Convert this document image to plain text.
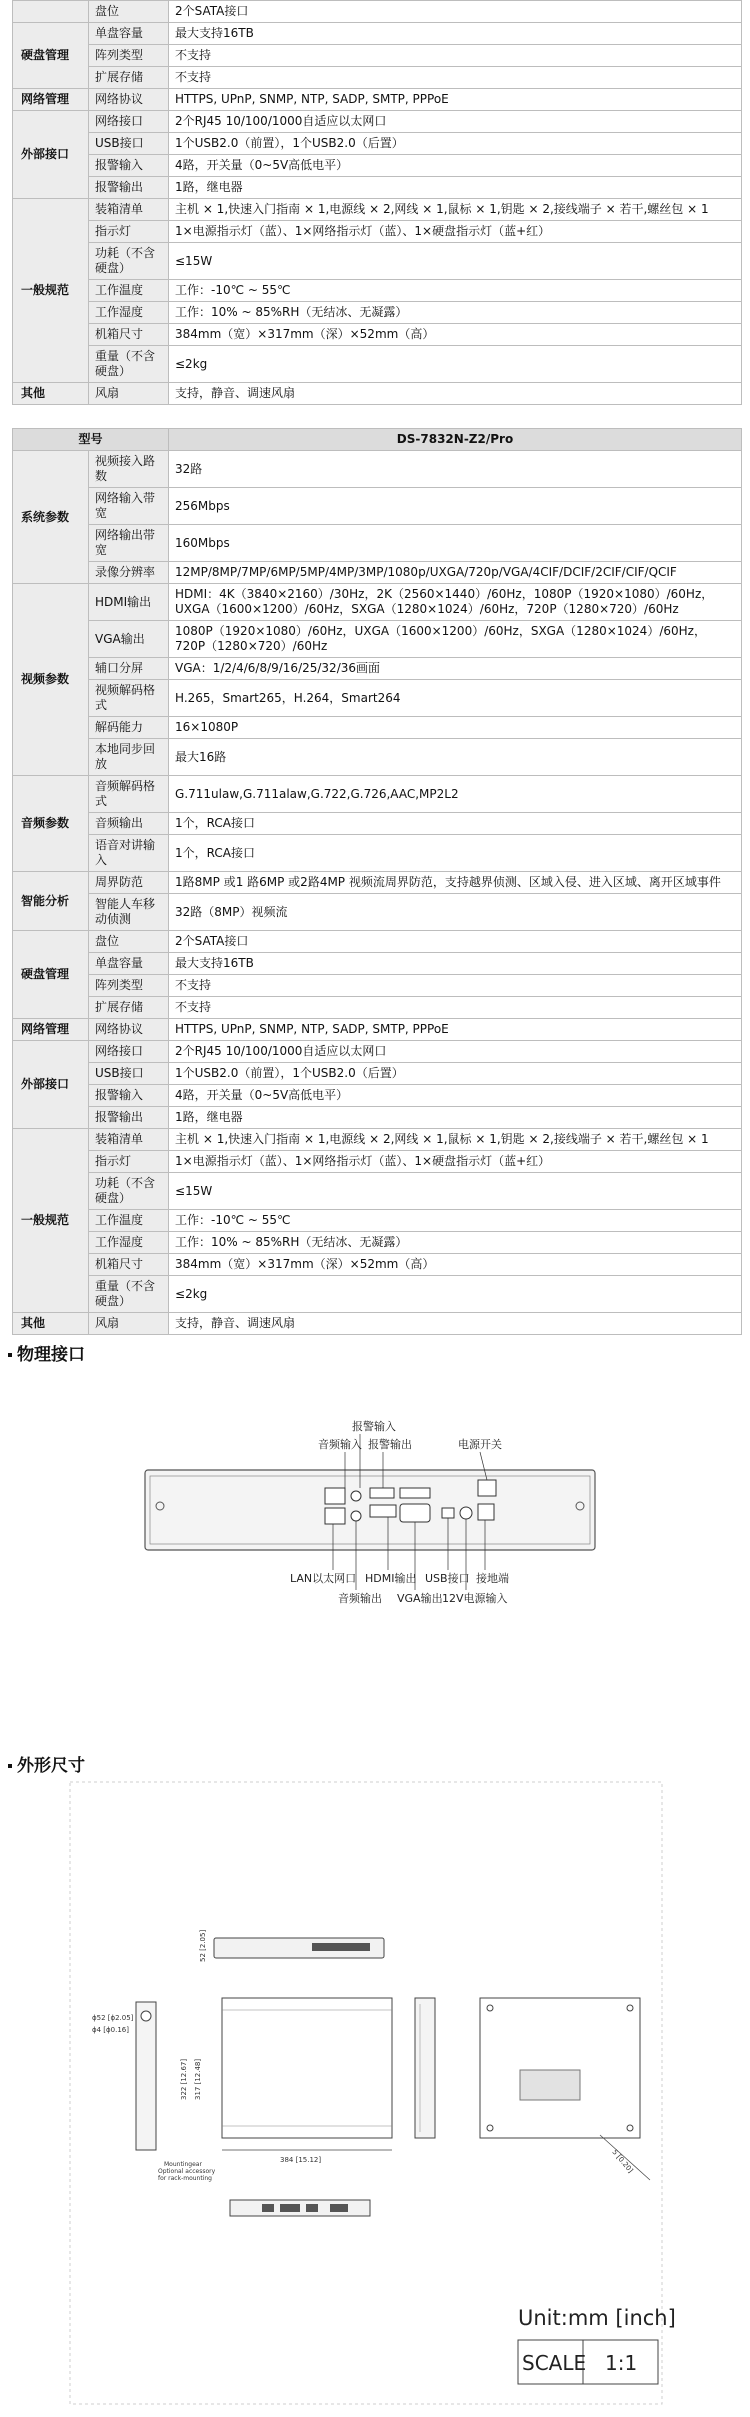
	盘位	2个SATA接口
硬盘管理	单盘容量	最大支持16TB
	阵列类型	不支持
	扩展存储	不支持
网络管理	网络协议	HTTPS, UPnP, SNMP, NTP, SADP, SMTP, PPPoE
外部接口	网络接口	2个RJ45 10/100/1000自适应以太网口
	USB接口	1个USB2.0（前置），1个USB2.0（后置）
	报警输入	4路，开关量（0~5V高低电平）
	报警输出	1路，继电器
一般规范	装箱清单	主机 × 1,快速入门指南 × 1,电源线 × 2,网线 × 1,鼠标 × 1,钥匙 × 2,接线端子 × 若干,螺丝包 × 1
	指示灯	1×电源指示灯（蓝）、1×网络指示灯（蓝）、1×硬盘指示灯（蓝+红）
	功耗（不含硬盘）	≤15W
	工作温度	工作：-10℃ ~ 55℃
	工作湿度	工作：10% ~ 85%RH（无结冰、无凝露）
	机箱尺寸	384mm（宽）×317mm（深）×52mm（高）
	重量（不含硬盘）	≤2kg
其他	风扇	支持，静音、调速风扇
型号		DS-7832N-Z2/Pro
系统参数	视频接入路数	32路
	网络输入带宽	256Mbps
	网络输出带宽	160Mbps
	录像分辨率	12MP/8MP/7MP/6MP/5MP/4MP/3MP/1080p/UXGA/720p/VGA/4CIF/DCIF/2CIF/CIF/QCIF
视频参数	HDMI输出	HDMI：4K（3840×2160）/30Hz，2K（2560×1440）/60Hz，1080P（1920×1080）/60Hz，UXGA（1600×1200）/60Hz，SXGA（1280×1024）/60Hz，720P（1280×720）/60Hz
	VGA输出	1080P（1920×1080）/60Hz，UXGA（1600×1200）/60Hz，SXGA（1280×1024）/60Hz，720P（1280×720）/60Hz
	辅口分屏	VGA：1/2/4/6/8/9/16/25/32/36画面
	视频解码格式	H.265，Smart265，H.264，Smart264
	解码能力	16×1080P
	本地同步回放	最大16路
音频参数	音频解码格式	G.711ulaw,G.711alaw,G.722,G.726,AAC,MP2L2
	音频输出	1个，RCA接口
	语音对讲输入	1个，RCA接口
智能分析	周界防范	1路8MP 或1 路6MP 或2路4MP 视频流周界防范，支持越界侦测、区域入侵、进入区域、离开区域事件
	智能人车移动侦测	32路（8MP）视频流
硬盘管理	盘位	2个SATA接口
	单盘容量	最大支持16TB
	阵列类型	不支持
	扩展存储	不支持
网络管理	网络协议	HTTPS, UPnP, SNMP, NTP, SADP, SMTP, PPPoE
外部接口	网络接口	2个RJ45 10/100/1000自适应以太网口
	USB接口	1个USB2.0（前置），1个USB2.0（后置）
	报警输入	4路，开关量（0~5V高低电平）
	报警输出	1路，继电器
一般规范	装箱清单	主机 × 1,快速入门指南 × 1,电源线 × 2,网线 × 1,鼠标 × 1,钥匙 × 2,接线端子 × 若干,螺丝包 × 1
	指示灯	1×电源指示灯（蓝）、1×网络指示灯（蓝）、1×硬盘指示灯（蓝+红）
	功耗（不含硬盘）	≤15W
	工作温度	工作：-10℃ ~ 55℃
	工作湿度	工作：10% ~ 85%RH（无结冰、无凝露）
	机箱尺寸	384mm（宽）×317mm（深）×52mm（高）
	重量（不含硬盘）	≤2kg
其他	风扇	支持，静音、调速风扇
物理接口
报警输入
音频输入 报警输出	电源开关
LAN以太网口 HDMI输出 USB接口 接地端
音频输出 VGA输出 12V电源输入
外形尺寸
52 [2.05]
ϕ52 [ϕ2.05]
ϕ4 [ϕ0.16]
322 [12.67] 317 [12.48]
384 [15.12]
Mountingear
Optional accessory
for rack-mounting
5 [0.20]
Unit:mm [inch]
SCALE 1:1
